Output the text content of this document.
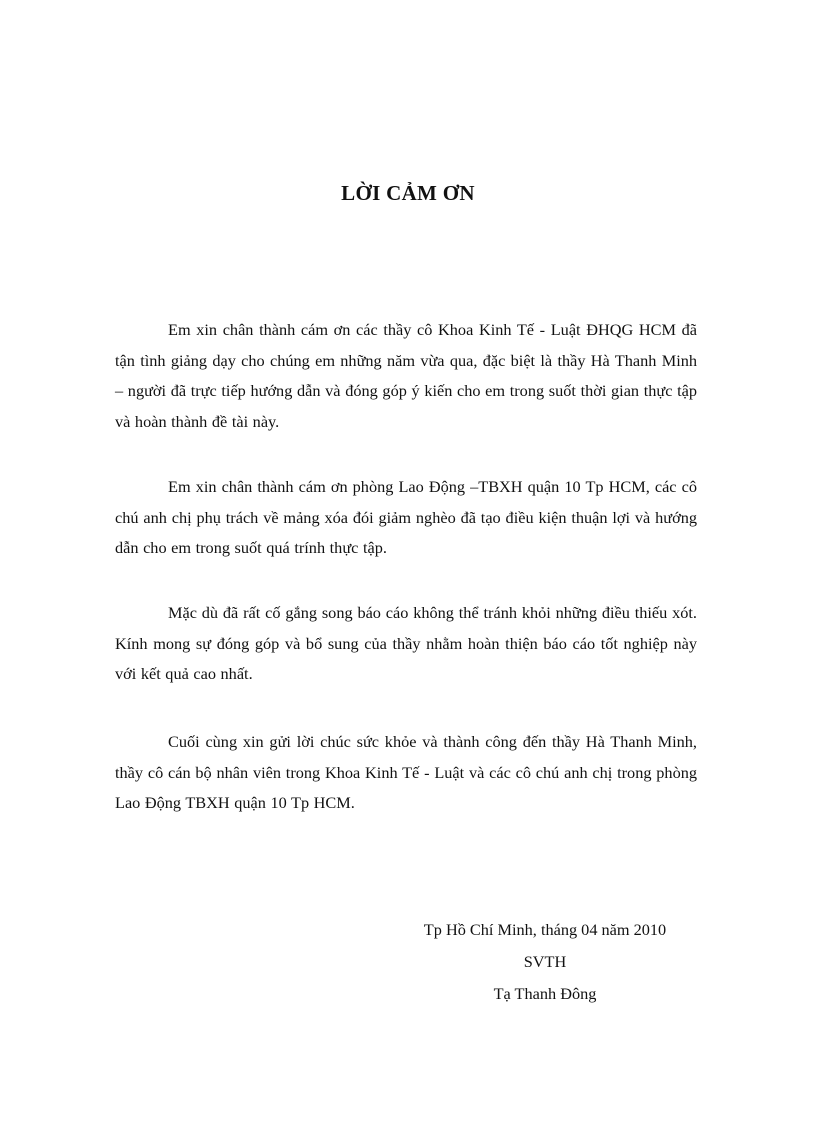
LỜI CẢM ƠN

Em xin chân thành cám ơn các thầy cô Khoa Kinh Tế - Luật ĐHQG HCM đã tận tình giảng dạy cho chúng em những năm vừa qua, đặc biệt là thầy Hà Thanh Minh – người đã trực tiếp hướng dẫn và đóng góp ý kiến cho em trong suốt thời gian thực tập và hoàn thành đề tài này.

Em xin chân thành cám ơn phòng Lao Động –TBXH quận 10 Tp HCM, các cô chú anh chị phụ trách về mảng xóa đói giảm nghèo đã tạo điều kiện thuận lợi và hướng dẫn cho em trong suốt quá trính thực tập.

Mặc dù đã rất cố gắng song báo cáo không thể tránh khỏi những điều thiếu xót. Kính mong sự đóng góp và bổ sung của thầy nhằm hoàn thiện báo cáo tốt nghiệp này với kết quả cao nhất.

Cuối cùng xin gửi lời chúc sức khỏe và thành công đến thầy Hà Thanh Minh, thầy cô cán bộ nhân viên trong Khoa Kinh Tế - Luật và các cô chú anh chị trong phòng Lao Động TBXH quận 10 Tp HCM.

Tp Hồ Chí Minh, tháng 04 năm 2010
SVTH
Tạ Thanh Đông
